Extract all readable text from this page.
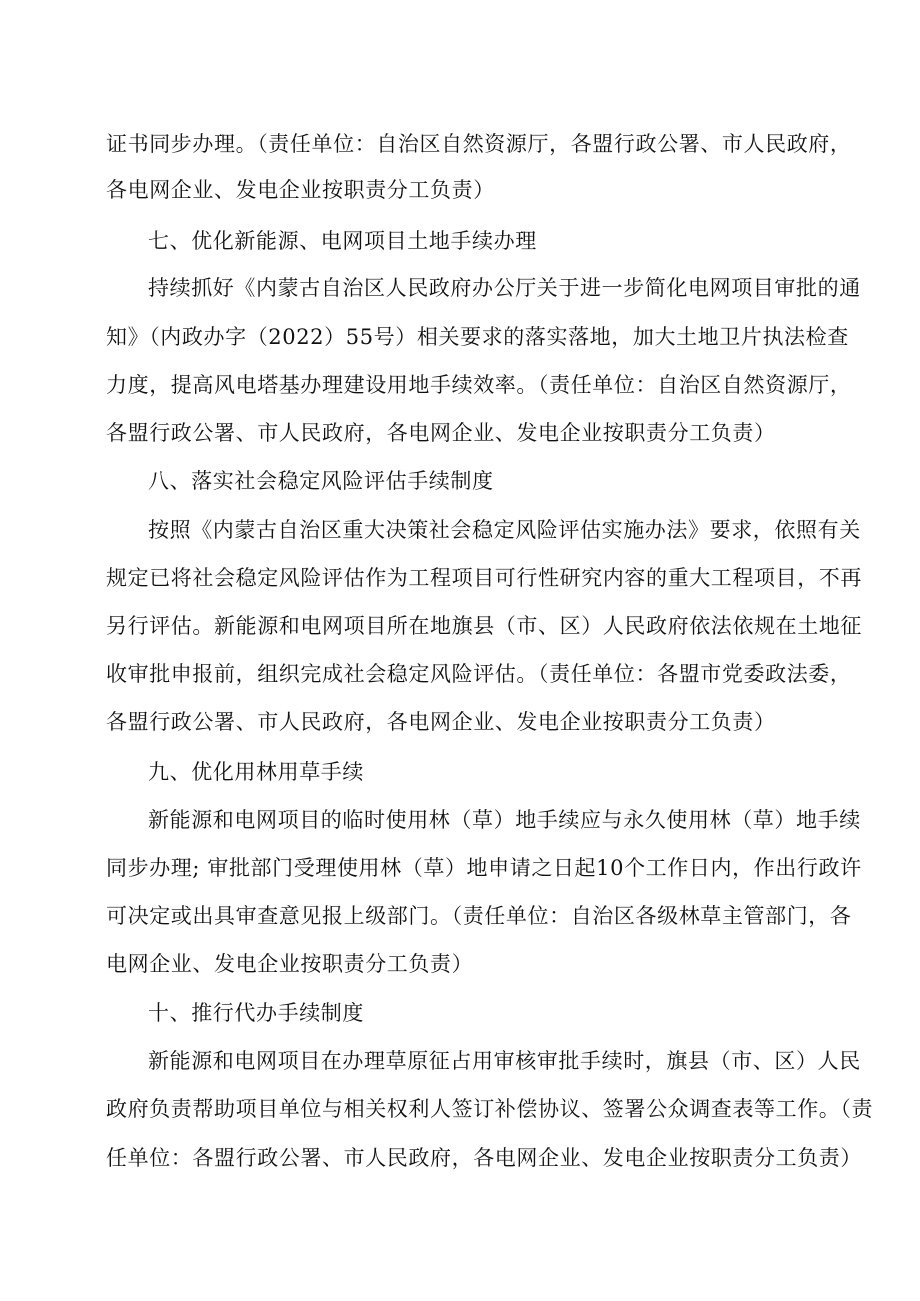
证书同步办理。（责任单位：自治区自然资源厅，各盟行政公署、市人民政府，
各电网企业、发电企业按职责分工负责）
七、优化新能源、电网项目土地手续办理
持续抓好《内蒙古自治区人民政府办公厅关于进一步简化电网项目审批的通
知》（内政办字（2022）55号）相关要求的落实落地，加大土地卫片执法检查
力度，提高风电塔基办理建设用地手续效率。（责任单位：自治区自然资源厅，
各盟行政公署、市人民政府，各电网企业、发电企业按职责分工负责）
八、落实社会稳定风险评估手续制度
按照《内蒙古自治区重大决策社会稳定风险评估实施办法》要求，依照有关
规定已将社会稳定风险评估作为工程项目可行性研究内容的重大工程项目，不再
另行评估。新能源和电网项目所在地旗县（市、区）人民政府依法依规在土地征
收审批申报前，组织完成社会稳定风险评估。（责任单位：各盟市党委政法委，
各盟行政公署、市人民政府，各电网企业、发电企业按职责分工负责）
九、优化用林用草手续
新能源和电网项目的临时使用林（草）地手续应与永久使用林（草）地手续
同步办理; 审批部门受理使用林（草）地申请之日起10个工作日内，作出行政许
可决定或出具审查意见报上级部门。（责任单位：自治区各级林草主管部门，各
电网企业、发电企业按职责分工负责）
十、推行代办手续制度
新能源和电网项目在办理草原征占用审核审批手续时，旗县（市、区）人民
政府负责帮助项目单位与相关权利人签订补偿协议、签署公众调查表等工作。（责
任单位：各盟行政公署、市人民政府，各电网企业、发电企业按职责分工负责）
